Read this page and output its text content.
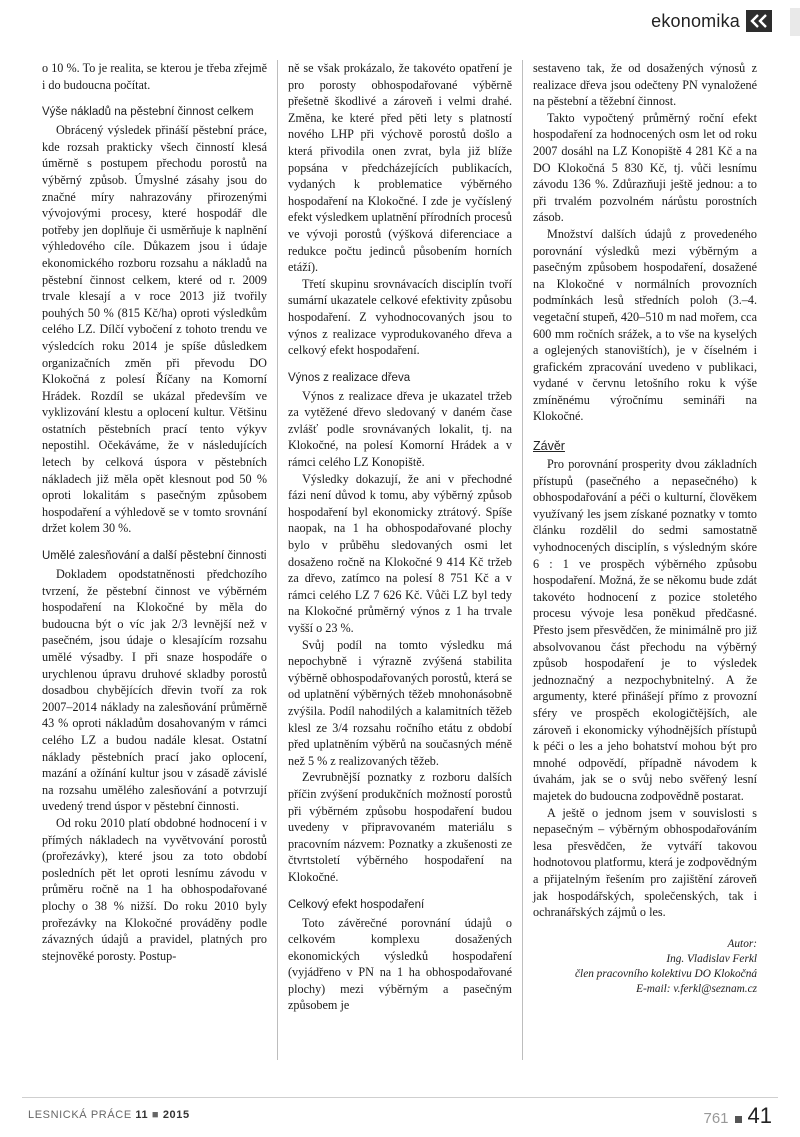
ekonomika

o 10 %. To je realita, se kterou je třeba zřejmě i do budoucna počítat.

Výše nákladů na pěstební činnost celkem

Obrácený výsledek přináší pěstební práce, kde rozsah prakticky všech činností klesá úměrně s postupem přechodu porostů na výběrný způsob. Úmyslné zásahy jsou do značné míry nahrazovány přirozenými vývojovými procesy, které hospodář dle potřeby jen doplňuje či usměrňuje k naplnění výhledového cíle. Důkazem jsou i údaje ekonomického rozboru rozsahu a nákladů na pěstební činnost celkem, které od r. 2009 trvale klesají a v roce 2013 již tvořily pouhých 50 % (815 Kč/ha) oproti výsledkům celého LZ. Dílčí vybočení z tohoto trendu ve výsledcích roku 2014 je spíše důsledkem organizačních změn při převodu DO Klokočná z polesí Říčany na Komorní Hrádek. Rozdíl se ukázal především ve vyklizování klestu a oplocení kultur. Většinu ostatních pěstebních prací tento výkyv nepostihl. Očekáváme, že v následujících letech by celková úspora v pěstebních nákladech již měla opět klesnout pod 50 % oproti lokalitám s pasečným způsobem hospodaření a výhledově se v tomto srovnání držet kolem 30 %.

Umělé zalesňování a další pěstební činnosti

Dokladem opodstatněnosti předchozího tvrzení, že pěstební činnost ve výběrném hospodaření na Klokočné by měla do budoucna být o víc jak 2/3 levnější než v pasečném, jsou údaje o klesajícím rozsahu umělé výsadby. I při snaze hospodáře o urychlenou úpravu druhové skladby porostů dosadbou chybějících dřevin tvoří za rok 2007–2014 náklady na zalesňování průměrně 43 % oproti nákladům dosahovaným v rámci celého LZ a budou nadále klesat. Ostatní náklady pěstebních prací jako oplocení, mazání a ožínání kultur jsou v zásadě závislé na rozsahu umělého zalesňování a potvrzují uvedený trend úspor v pěstební činnosti.

Od roku 2010 platí obdobné hodnocení i v přímých nákladech na vyvětvování porostů (prořezávky), které jsou za toto období posledních pět let oproti lesnímu závodu v průměru ročně na 1 ha obhospodařované plochy o 38 % nižší. Do roku 2010 byly prořezávky na Klokočné prováděny podle závazných údajů a pravidel, platných pro stejnověké porosty. Postup-

ně se však prokázalo, že takovéto opatření je pro porosty obhospodařované výběrně přešetně škodlivé a zároveň i velmi drahé. Změna, ke které před pěti lety s platností nového LHP při výchově porostů došlo a která přivodila onen zvrat, byla již blíže popsána v předcházejících publikacích, vydaných k problematice výběrného hospodaření na Klokočné. I zde je vyčíslený efekt výsledkem uplatnění přírodních procesů ve vývoji porostů (výšková diferenciace a redukce počtu jedinců působením horních etáží).

Třetí skupinu srovnávacích disciplín tvoří sumární ukazatele celkové efektivity způsobu hospodaření. Z vyhodnocovaných jsou to výnos z realizace vyprodukovaného dřeva a celkový efekt hospodaření.

Výnos z realizace dřeva

Výnos z realizace dřeva je ukazatel tržeb za vytěžené dřevo sledovaný v daném čase zvlášť podle srovnávaných lokalit, tj. na Klokočné, na polesí Komorní Hrádek a v rámci celého LZ Konopiště.

Výsledky dokazují, že ani v přechodné fázi není důvod k tomu, aby výběrný způsob hospodaření byl ekonomicky ztrátový. Spíše naopak, na 1 ha obhospodařované plochy bylo v průběhu sledovaných osmi let dosaženo ročně na Klokočné 9 414 Kč tržeb za dřevo, zatímco na polesí 8 751 Kč a v rámci celého LZ 7 626 Kč. Vůči LZ byl tedy na Klokočné průměrný výnos z 1 ha trvale vyšší o 23 %.

Svůj podíl na tomto výsledku má nepochybně i výrazně zvýšená stabilita výběrně obhospodařovaných porostů, která se od uplatnění výběrných těžeb mnohonásobně zvýšila. Podíl nahodilých a kalamitních těžeb klesl ze 3/4 rozsahu ročního etátu z období před uplatněním výběrů na současných méně než 5 % z realizovaných těžeb.

Zevrubnější poznatky z rozboru dalších příčin zvýšení produkčních možností porostů při výběrném způsobu hospodaření budou uvedeny v připravovaném materiálu s pracovním názvem: Poznatky a zkušenosti ze čtvrtstoletí výběrného hospodaření na Klokočné.

Celkový efekt hospodaření

Toto závěrečné porovnání údajů o celkovém komplexu dosažených ekonomických výsledků hospodaření (vyjádřeno v PN na 1 ha obhospodařované plochy) mezi výběrným a pasečným způsobem je

sestaveno tak, že od dosažených výnosů z realizace dřeva jsou odečteny PN vynaložené na pěstební a těžební činnost.

Takto vypočtený průměrný roční efekt hospodaření za hodnocených osm let od roku 2007 dosáhl na LZ Konopiště 4 281 Kč a na DO Klokočná 5 830 Kč, tj. vůči lesnímu závodu 136 %. Zdůrazňuji ještě jednou: a to při trvalém pozvolném nárůstu porostních zásob.

Množství dalších údajů z provedeného porovnání výsledků mezi výběrným a pasečným způsobem hospodaření, dosažené na Klokočné v normálních provozních podmínkách lesů středních poloh (3.–4. vegetační stupeň, 420–510 m nad mořem, cca 600 mm ročních srážek, a to vše na kyselých a oglejených stanovištích), je v číselném i grafickém zpracování uvedeno v publikaci, vydané v červnu letošního roku k výše zmíněnému výročnímu semináři na Klokočné.

Závěr

Pro porovnání prosperity dvou základních přístupů (pasečného a nepasečného) k obhospodařování a péči o kulturní, člověkem využívaný les jsem získané poznatky v tomto článku rozdělil do sedmi samostatně vyhodnocených disciplín, s výsledným skóre 6 : 1 ve prospěch výběrného způsobu hospodaření. Možná, že se někomu bude zdát takovéto hodnocení z pozice stoletého procesu vývoje lesa poněkud předčasné. Přesto jsem přesvědčen, že minimálně pro již absolvovanou část přechodu na výběrný způsob hospodaření je to výsledek jednoznačný a nezpochybnitelný. A že argumenty, které přinášejí přímo z provozní sféry ve prospěch ekologičtějších, ale zároveň i ekonomicky výhodnějších přístupů k péči o les a jeho bohatství mohou být pro mnohé odpovědí, případně návodem k úvahám, jak se o svůj nebo svěřený lesní majetek do budoucna zodpovědně postarat.

A ještě o jednom jsem v souvislosti s nepasečným – výběrným obhospodařováním lesa přesvědčen, že vytváří takovou hodnotovou platformu, která je zodpovědným a přijatelným řešením pro zajištění zároveň jak hospodářských, společenských, tak i ochranářských zájmů o les.

Autor:
Ing. Vladislav Ferkl
člen pracovního kolektivu DO Klokočná
E-mail: v.ferkl@seznam.cz
LESNICKÁ PRÁCE 11 ■ 2015	761 41
